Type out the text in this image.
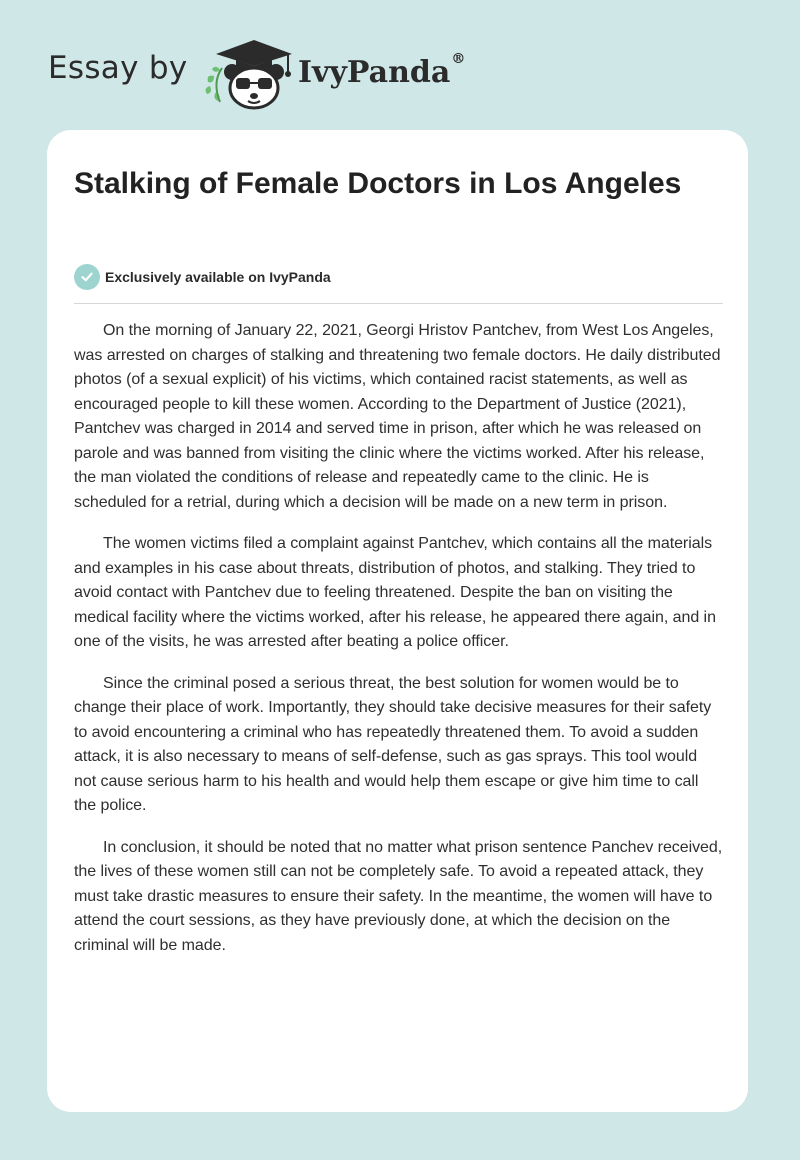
Essay by	IvyPanda®
Stalking of Female Doctors in Los Angeles
Exclusively available on IvyPanda

On the morning of January 22, 2021, Georgi Hristov Pantchev, from West Los Angeles, was arrested on charges of stalking and threatening two female doctors. He daily distributed photos (of a sexual explicit) of his victims, which contained racist statements, as well as encouraged people to kill these women. According to the Department of Justice (2021), Pantchev was charged in 2014 and served time in prison, after which he was released on parole and was banned from visiting the clinic where the victims worked. After his release, the man violated the conditions of release and repeatedly came to the clinic. He is scheduled for a retrial, during which a decision will be made on a new term in prison.

The women victims filed a complaint against Pantchev, which contains all the materials and examples in his case about threats, distribution of photos, and stalking. They tried to avoid contact with Pantchev due to feeling threatened. Despite the ban on visiting the medical facility where the victims worked, after his release, he appeared there again, and in one of the visits, he was arrested after beating a police officer.

Since the criminal posed a serious threat, the best solution for women would be to change their place of work. Importantly, they should take decisive measures for their safety to avoid encountering a criminal who has repeatedly threatened them. To avoid a sudden attack, it is also necessary to means of self-defense, such as gas sprays. This tool would not cause serious harm to his health and would help them escape or give him time to call the police.

In conclusion, it should be noted that no matter what prison sentence Panchev received, the lives of these women still can not be completely safe. To avoid a repeated attack, they must take drastic measures to ensure their safety. In the meantime, the women will have to attend the court sessions, as they have previously done, at which the decision on the criminal will be made.
